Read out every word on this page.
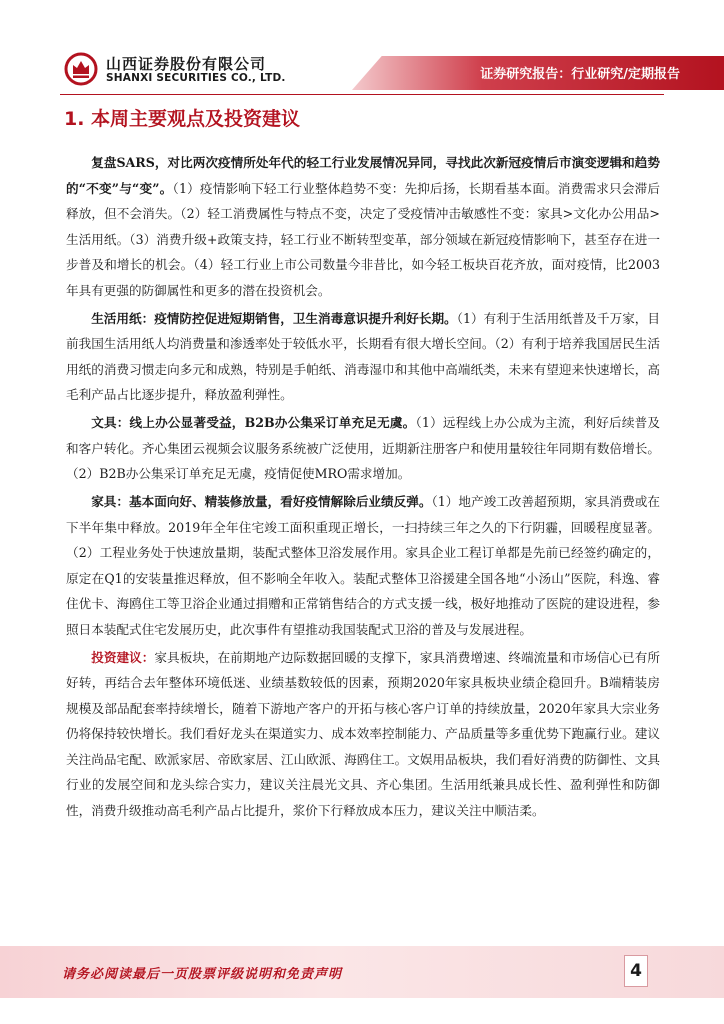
山西证券股份有限公司
SHANXI SECURITIES CO., LTD.	证券研究报告：行业研究/定期报告
1. 本周主要观点及投资建议

复盘SARS，对比两次疫情所处年代的轻工行业发展情况异同，寻找此次新冠疫情后市演变逻辑和趋势的“不变”与“变”。（1）疫情影响下轻工行业整体趋势不变：先抑后扬，长期看基本面。消费需求只会滞后释放，但不会消失。（2）轻工消费属性与特点不变，决定了受疫情冲击敏感性不变：家具>文化办公用品>生活用纸。（3）消费升级+政策支持，轻工行业不断转型变革，部分领域在新冠疫情影响下，甚至存在进一步普及和增长的机会。（4）轻工行业上市公司数量今非昔比，如今轻工板块百花齐放，面对疫情，比2003年具有更强的防御属性和更多的潜在投资机会。

生活用纸：疫情防控促进短期销售，卫生消毒意识提升利好长期。（1）有利于生活用纸普及千万家，目前我国生活用纸人均消费量和渗透率处于较低水平，长期看有很大增长空间。（2）有利于培养我国居民生活用纸的消费习惯走向多元和成熟，特别是手帕纸、消毒湿巾和其他中高端纸类，未来有望迎来快速增长，高毛利产品占比逐步提升，释放盈利弹性。

文具：线上办公显著受益，B2B办公集采订单充足无虞。（1）远程线上办公成为主流，利好后续普及和客户转化。齐心集团云视频会议服务系统被广泛使用，近期新注册客户和使用量较往年同期有数倍增长。（2）B2B办公集采订单充足无虞，疫情促使MRO需求增加。

家具：基本面向好、精装修放量，看好疫情解除后业绩反弹。（1）地产竣工改善超预期，家具消费或在下半年集中释放。2019年全年住宅竣工面积重现正增长，一扫持续三年之久的下行阴霾，回暖程度显著。（2）工程业务处于快速放量期，装配式整体卫浴发展作用。家具企业工程订单都是先前已经签约确定的，原定在Q1的安装量推迟释放，但不影响全年收入。装配式整体卫浴援建全国各地“小汤山”医院，科逸、睿住优卡、海鸥住工等卫浴企业通过捐赠和正常销售结合的方式支援一线，极好地推动了医院的建设进程，参照日本装配式住宅发展历史，此次事件有望推动我国装配式卫浴的普及与发展进程。

投资建议：家具板块，在前期地产边际数据回暖的支撑下，家具消费增速、终端流量和市场信心已有所好转，再结合去年整体环境低迷、业绩基数较低的因素，预期2020年家具板块业绩企稳回升。B端精装房规模及部品配套率持续增长，随着下游地产客户的开拓与核心客户订单的持续放量，2020年家具大宗业务仍将保持较快增长。我们看好龙头在渠道实力、成本效率控制能力、产品质量等多重优势下跑赢行业。建议关注尚品宅配、欧派家居、帝欧家居、江山欧派、海鸥住工。文娱用品板块，我们看好消费的防御性、文具行业的发展空间和龙头综合实力，建议关注晨光文具、齐心集团。生活用纸兼具成长性、盈利弹性和防御性，消费升级推动高毛利产品占比提升，浆价下行释放成本压力，建议关注中顺洁柔。

请务必阅读最后一页股票评级说明和免责声明	4
